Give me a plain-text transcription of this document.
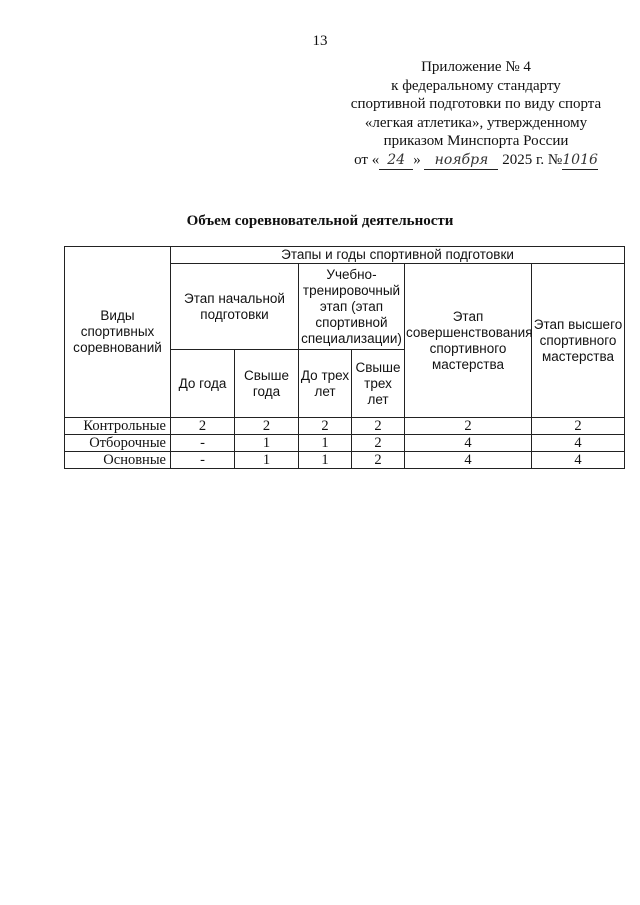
13
Приложение № 4
к федеральному стандарту
спортивной подготовки по виду спорта
«легкая атлетика», утвержденному
приказом Минспорта России
от « 24 » ноября 2025 г. №1016
Объем соревновательной деятельности
Виды спортивных соревнований	Этапы и годы спортивной подготовки					
	Этап начальной подготовки		Учебно-тренировочный этап (этап спортивной специализации)		Этап совершенствования спортивного мастерства	Этап высшего спортивного мастерства
	До года	Свыше года	До трех лет	Свыше трех лет		
Контрольные	2	2	2	2	2	2
Отборочные	-	1	1	2	4	4
Основные	-	1	1	2	4	4
